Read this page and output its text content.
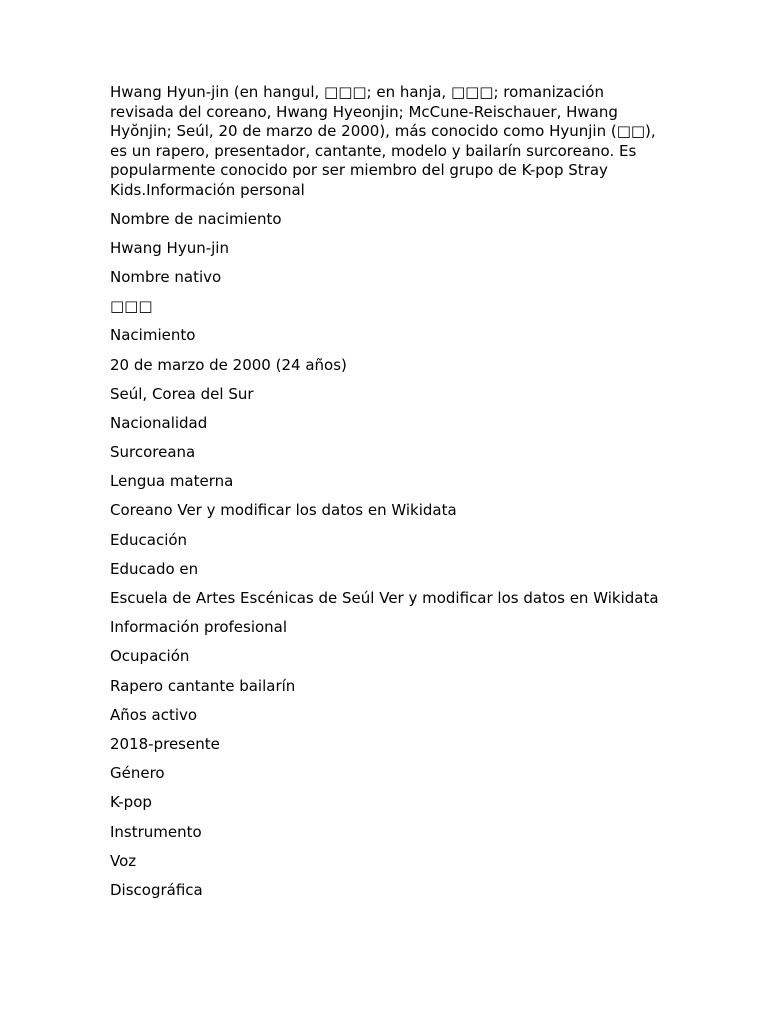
Hwang Hyun-jin (en hangul, □□□; en hanja, □□□; romanización revisada del coreano, Hwang Hyeonjin; McCune-Reischauer, Hwang Hyŏnjin; Seúl, 20 de marzo de 2000), más conocido como Hyunjin (□□), es un rapero, presentador, cantante, modelo y bailarín surcoreano. Es popularmente conocido por ser miembro del grupo de K-pop Stray Kids.Información personal

Nombre de nacimiento

Hwang Hyun-jin

Nombre nativo

□□□

Nacimiento

20 de marzo de 2000 (24 años)

Seúl, Corea del Sur

Nacionalidad

Surcoreana

Lengua materna

Coreano Ver y modificar los datos en Wikidata

Educación

Educado en

Escuela de Artes Escénicas de Seúl Ver y modificar los datos en Wikidata

Información profesional

Ocupación

Rapero cantante bailarín

Años activo

2018-presente

Género

K-pop

Instrumento

Voz

Discográfica
